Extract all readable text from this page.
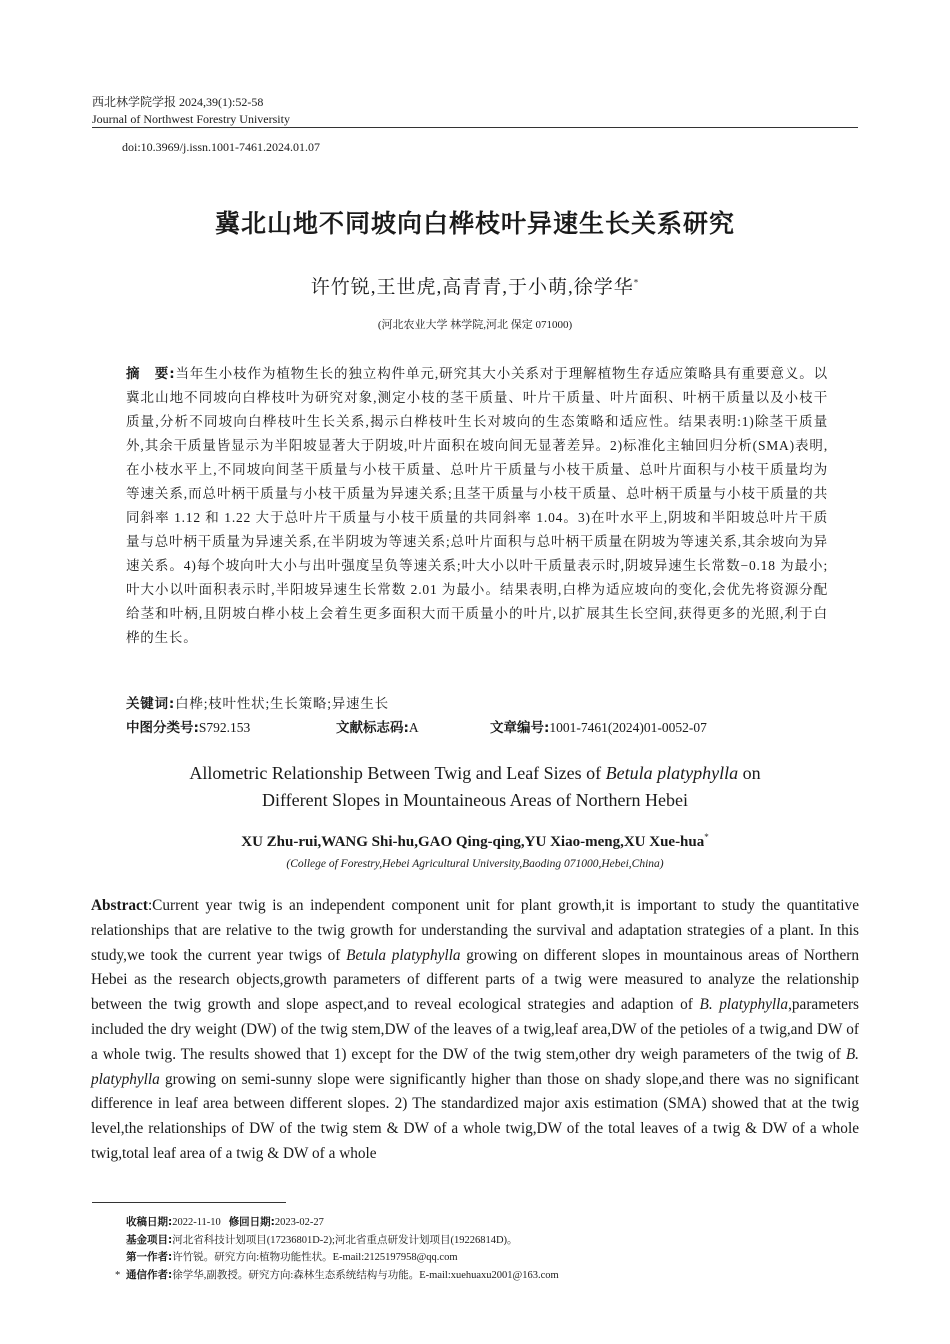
西北林学院学报 2024,39(1):52-58
Journal of Northwest Forestry University
doi:10.3969/j.issn.1001-7461.2024.01.07
冀北山地不同坡向白桦枝叶异速生长关系研究
许竹锐,王世虎,高青青,于小萌,徐学华*
(河北农业大学 林学院,河北 保定 071000)
摘　要:当年生小枝作为植物生长的独立构件单元,研究其大小关系对于理解植物生存适应策略具有重要意义。以冀北山地不同坡向白桦枝叶为研究对象,测定小枝的茎干质量、叶片干质量、叶片面积、叶柄干质量以及小枝干质量,分析不同坡向白桦枝叶生长关系,揭示白桦枝叶生长对坡向的生态策略和适应性。结果表明:1)除茎干质量外,其余干质量皆显示为半阳坡显著大于阴坡,叶片面积在坡向间无显著差异。2)标准化主轴回归分析(SMA)表明,在小枝水平上,不同坡向间茎干质量与小枝干质量、总叶片干质量与小枝干质量、总叶片面积与小枝干质量均为等速关系,而总叶柄干质量与小枝干质量为异速关系;且茎干质量与小枝干质量、总叶柄干质量与小枝干质量的共同斜率 1.12 和 1.22 大于总叶片干质量与小枝干质量的共同斜率 1.04。3)在叶水平上,阴坡和半阳坡总叶片干质量与总叶柄干质量为异速关系,在半阴坡为等速关系;总叶片面积与总叶柄干质量在阴坡为等速关系,其余坡向为异速关系。4)每个坡向叶大小与出叶强度呈负等速关系;叶大小以叶干质量表示时,阴坡异速生长常数−0.18 为最小;叶大小以叶面积表示时,半阳坡异速生长常数 2.01 为最小。结果表明,白桦为适应坡向的变化,会优先将资源分配给茎和叶柄,且阴坡白桦小枝上会着生更多面积大而干质量小的叶片,以扩展其生长空间,获得更多的光照,利于白桦的生长。
关键词:白桦;枝叶性状;生长策略;异速生长
中图分类号:S792.153	文献标志码:A	文章编号:1001-7461(2024)01-0052-07
Allometric Relationship Between Twig and Leaf Sizes of Betula platyphylla on
Different Slopes in Mountaineous Areas of Northern Hebei
XU Zhu-rui,WANG Shi-hu,GAO Qing-qing,YU Xiao-meng,XU Xue-hua*
(College of Forestry,Hebei Agricultural University,Baoding 071000,Hebei,China)
Abstract:Current year twig is an independent component unit for plant growth,it is important to study the quantitative relationships that are relative to the twig growth for understanding the survival and adaptation strategies of a plant. In this study,we took the current year twigs of Betula platyphylla growing on different slopes in mountainous areas of Northern Hebei as the research objects,growth parameters of different parts of a twig were measured to analyze the relationship between the twig growth and slope aspect,and to reveal ecological strategies and adaption of B. platyphylla,parameters included the dry weight (DW) of the twig stem,DW of the leaves of a twig,leaf area,DW of the petioles of a twig,and DW of a whole twig. The results showed that 1) except for the DW of the twig stem,other dry weigh parameters of the twig of B. platyphylla growing on semi-sunny slope were significantly higher than those on shady slope,and there was no significant difference in leaf area between different slopes. 2) The standardized major axis estimation (SMA) showed that at the twig level,the relationships of DW of the twig stem & DW of a whole twig,DW of the total leaves of a twig & DW of a whole twig,total leaf area of a twig & DW of a whole
收稿日期:2022-11-10 修回日期:2023-02-27
基金项目:河北省科技计划项目(17236801D-2);河北省重点研发计划项目(19226814D)。
第一作者:许竹锐。研究方向:植物功能性状。E-mail:2125197958@qq.com
* 通信作者:徐学华,副教授。研究方向:森林生态系统结构与功能。E-mail:xuehuaxu2001@163.com
